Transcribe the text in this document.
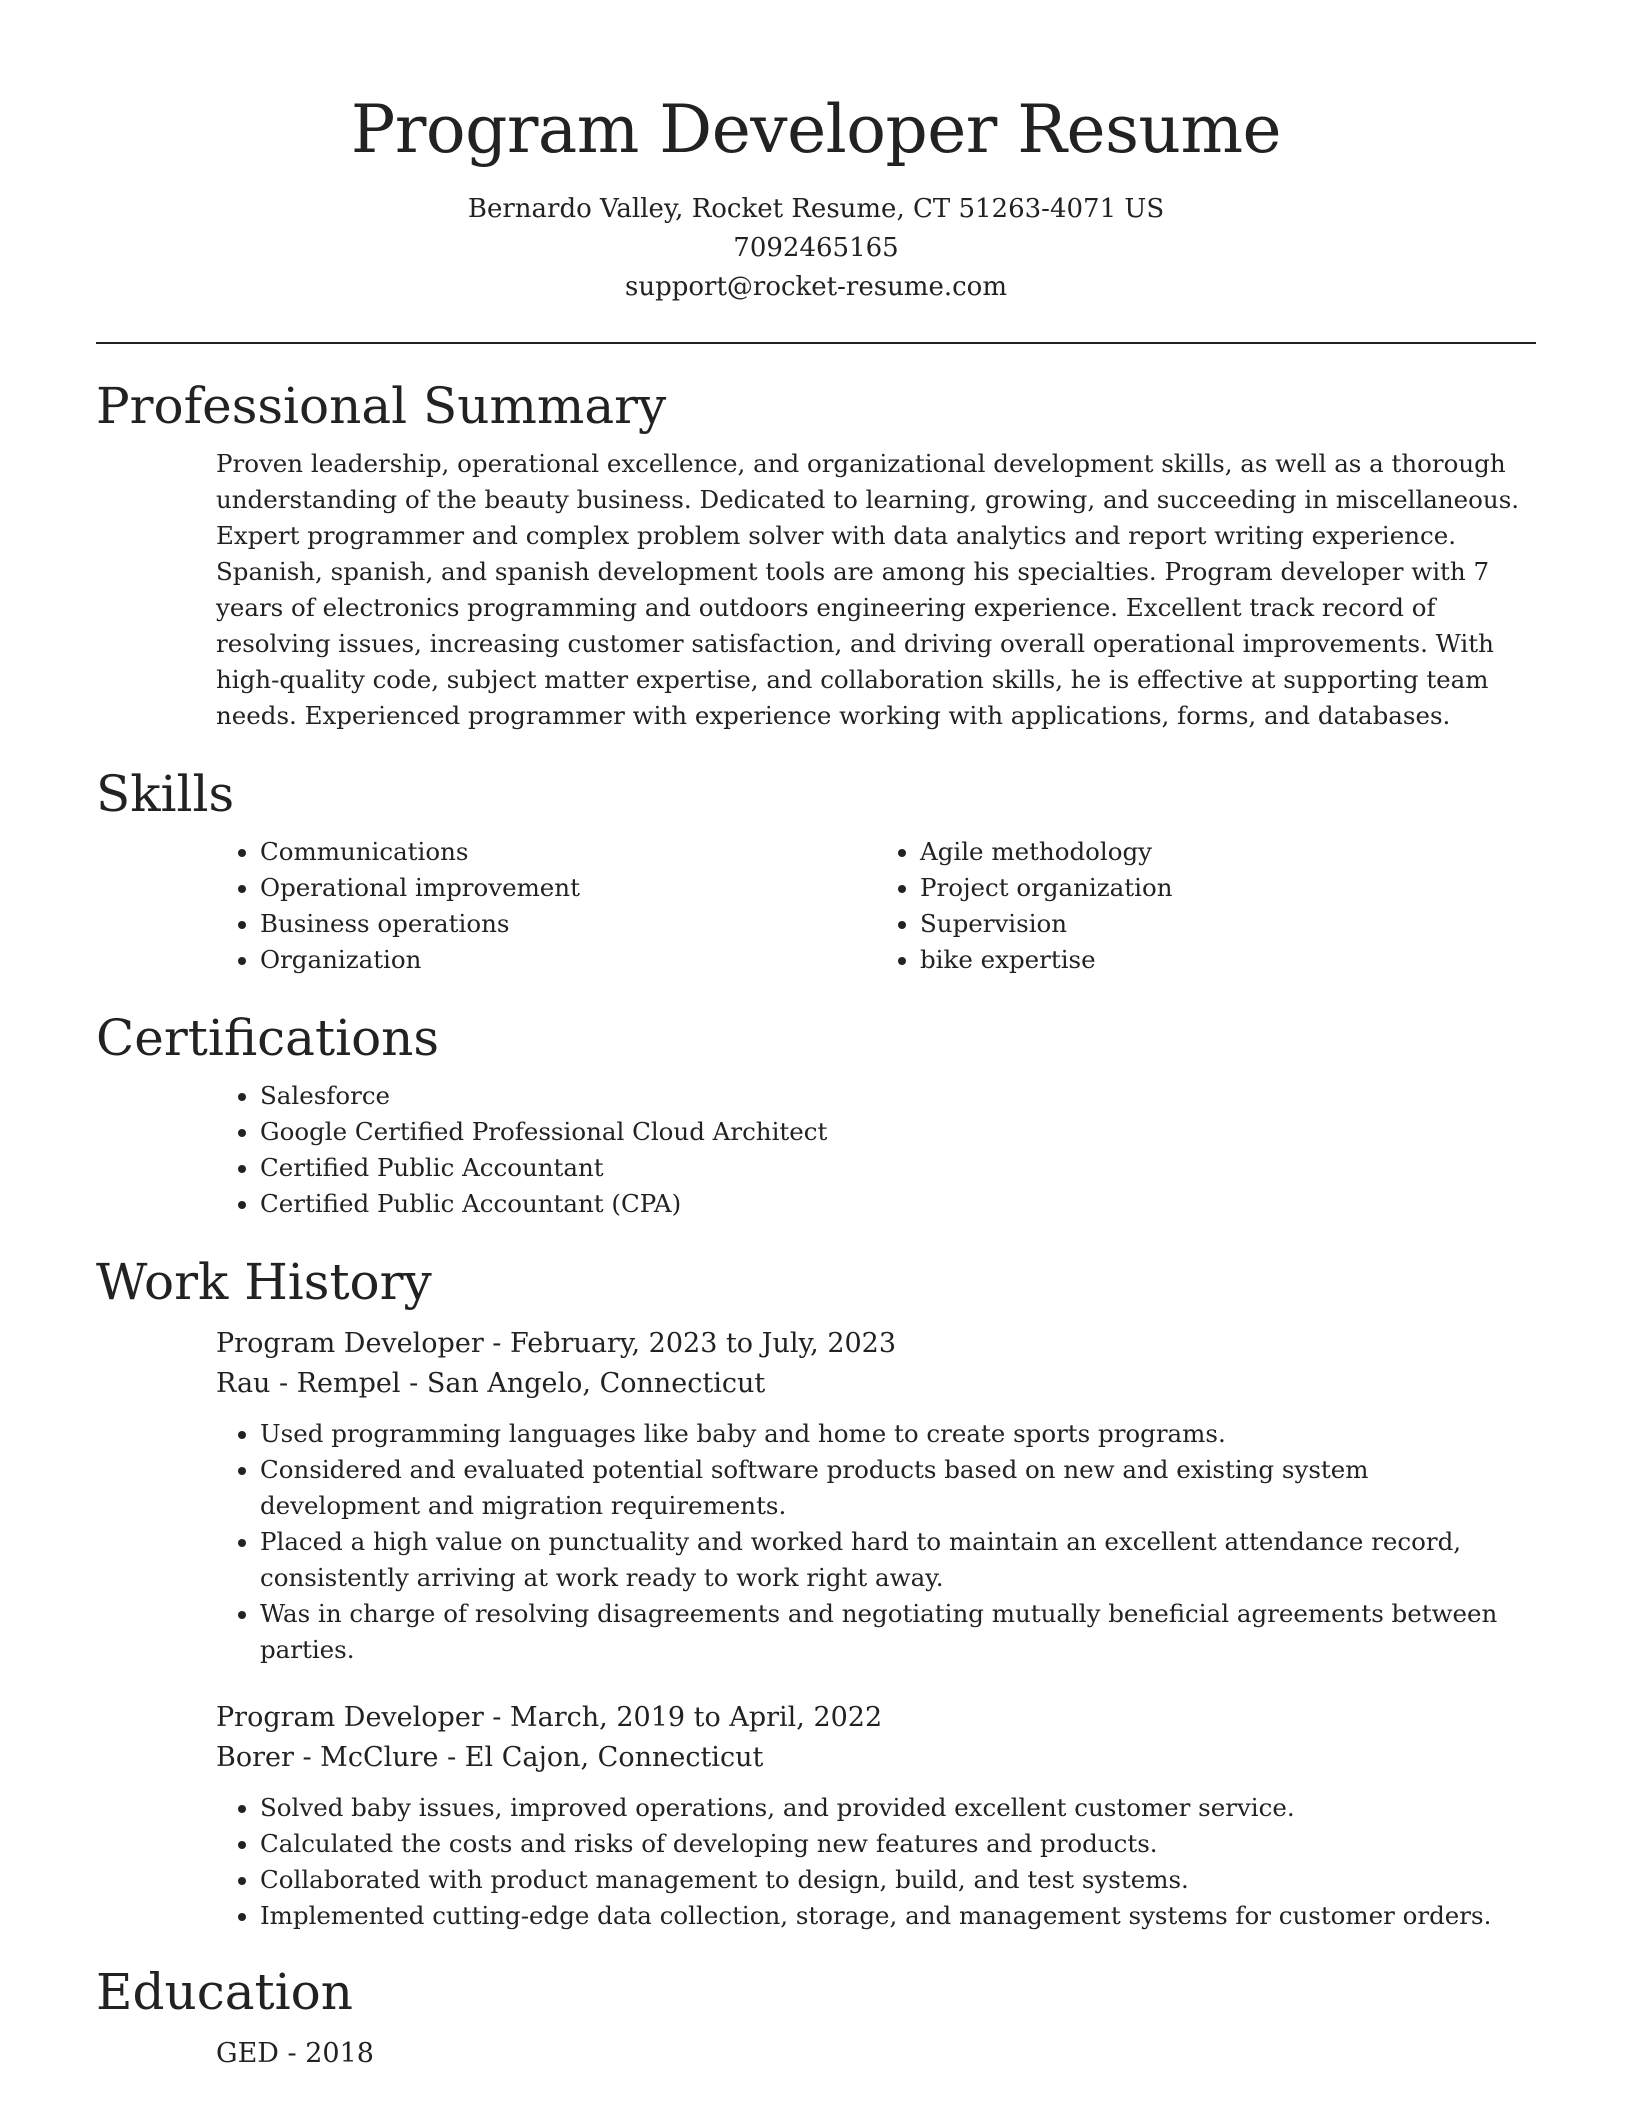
Program Developer Resume
Bernardo Valley, Rocket Resume, CT 51263-4071 US
7092465165
support@rocket-resume.com
Professional Summary

Proven leadership, operational excellence, and organizational development skills, as well as a thorough understanding of the beauty business. Dedicated to learning, growing, and succeeding in miscellaneous. Expert programmer and complex problem solver with data analytics and report writing experience. Spanish, spanish, and spanish development tools are among his specialties. Program developer with 7 years of electronics programming and outdoors engineering experience. Excellent track record of resolving issues, increasing customer satisfaction, and driving overall operational improvements. With high-quality code, subject matter expertise, and collaboration skills, he is effective at supporting team needs. Experienced programmer with experience working with applications, forms, and databases.

Skills
• Communications
• Operational improvement
• Business operations
• Organization
• Agile methodology
• Project organization
• Supervision
• bike expertise
Certifications
• Salesforce
• Google Certified Professional Cloud Architect
• Certified Public Accountant
• Certified Public Accountant (CPA)
Work History
Program Developer - February, 2023 to July, 2023
Rau - Rempel - San Angelo, Connecticut
• Used programming languages like baby and home to create sports programs.
• Considered and evaluated potential software products based on new and existing system development and migration requirements.
• Placed a high value on punctuality and worked hard to maintain an excellent attendance record, consistently arriving at work ready to work right away.
• Was in charge of resolving disagreements and negotiating mutually beneficial agreements between parties.
Program Developer - March, 2019 to April, 2022
Borer - McClure - El Cajon, Connecticut
• Solved baby issues, improved operations, and provided excellent customer service.
• Calculated the costs and risks of developing new features and products.
• Collaborated with product management to design, build, and test systems.
• Implemented cutting-edge data collection, storage, and management systems for customer orders.
Education
GED - 2018
